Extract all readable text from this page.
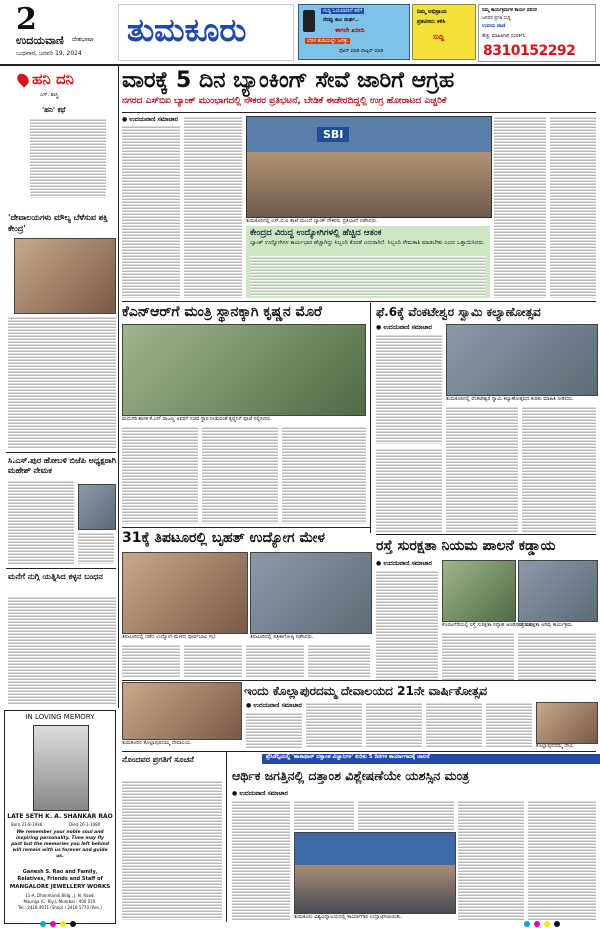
2
ಉದಯವಾಣಿ ದೇಶಭಾಷಾ
ಬುಧವಾರ, ಜನವರಿ 19, 2024
ತುಮಕೂರು	ಸುದ್ದಿ ಓದುವವರಿಗೆ ಕರೆಗೆ
ನೆನಪ್ಪು ಕಾಲ ದೀರ್ಘ..
ಈಗಲೇ ಖರೀದಿ
ಬೆರಳ ತುದಿಯಲ್ಲೇ ಜಗತ್ತು
ಫೋನ್ ಮಾಡಿ ವಾಟ್ಸಪ್ ಮಾಡಿ
ನಿಮ್ಮ ಅಭಿಪ್ರಾಯ
ಪ್ರಕಟಿಸಲು ಕಳಿಸಿ
ಸುದ್ದಿ
ನಿಮ್ಮ ಕಾರ್ಯಕ್ರಮಗಳ ಕಾರ್ಯ ಪರಿಸರ
ಜನಪರ ಪ್ರಗತಿ ಸುದ್ದಿ
ಉದಯ ವಾಣಿ
ಹೆಚ್ಚು ಮಾಹಿತಿಗಾಗಿ ಸಂಪರ್ಕಿಸಿ
8310152292
ಹನಿ ದನಿ
ಎಸ್. ಶಾಸ್ತ್ರಿ
'ಹನಿ' ಕಥೆ
'ದೇವಾಲಯಗಳು ಮೌಲ್ಯ ಬೆಳೆಸುವ ಶಕ್ತಿ ಕೇಂದ್ರ'
ಸಿ.ಎಸ್.ಪುರ ಹೋಬಳಿ ಬಿಜೆಪಿ ಅಧ್ಯಕ್ಷರಾಗಿ ಮಹೇಶ್ ನೇಮಕ
ಮನೆಗೆ ನುಗ್ಗಿ ಯತ್ನಿಸಿದ ಕಳ್ಳನ ಬಂಧನ
IN LOVING MEMORY
LATE SETH K. A. SHANKAR RAO
Born 21-8-1936	Died 20-1-1980
We remember your noble soul and inspiring personality. Time may fly past but the memories you left behind will remain with us forever and guide us.
Ganesh S. Rao and Family,
Relatives, Friends and Staff of
MANGALORE JEWELLERY WORKS
11-A, Dhanmandi Bldg., J. N. Road,
Maunga (C. Rly.), Mumbai - 400 019.
Tel.: 2418 4911 (Shop) / 2418 5770 (Res.)
ವಾರಕ್ಕೆ 5 ದಿನ ಬ್ಯಾಂಕಿಂಗ್ ಸೇವೆ ಜಾರಿಗೆ ಆಗ್ರಹ
ನಗರದ ಎಸ್‌ಬಿಐ ಬ್ಯಾಂಕ್ ಮುಂಭಾಗದಲ್ಲಿ ನೌಕರರ ಪ್ರತಿಭಟನೆ, ಬೇಡಿಕೆ ಈಡೇರದಿದ್ದಲ್ಲಿ ಉಗ್ರ ಹೋರಾಟದ ಎಚ್ಚರಿಕೆ
● ಉದಯವಾಣಿ ಸಮಾಚಾರ
SBI
ತುಮಕೂರಿನಲ್ಲಿ ಎಸ್.ಬಿ.ಐ ಶಾಖೆ ಮುಂದೆ ಬ್ಯಾಂಕ್ ನೌಕರರು ಪ್ರತಿಭಟನೆ ನಡೆಸಿದರು.
ಕೇಂದ್ರದ ವಿರುದ್ಧ ಉದ್ಯೋಗಿಗಳಲ್ಲಿ ಹೆಚ್ಚಿದ ಆತಂಕ
ಬ್ಯಾಂಕ್ ಉದ್ಯೋಗಿಗಳ ಕಾರ್ಯಭಾರ ಹೆಚ್ಚಾಗಿದ್ದು ಸಿಬ್ಬಂದಿ ಕೊರತೆ ಎದುರಾಗಿದೆ. ಸಿಬ್ಬಂದಿ ನೇಮಕಾತಿ ಮಾಡಬೇಕು ಎಂದು ಒತ್ತಾಯಿಸಿದರು.
ಕೆಎನ್‌ಆರ್‌ಗೆ ಮಂತ್ರಿ ಸ್ಥಾನಕ್ಕಾಗಿ ಕೃಷ್ಣನ ಮೊರೆ
ಮಧುಗಿರಿ ಶಾಸಕ ಕೆ.ಎನ್.ರಾಜಣ್ಣ ಅವರಿಗೆ ಸಚಿವ ಸ್ಥಾನ ನೀಡುವಂತೆ ಕೃಷ್ಣನಿಗೆ ಪೂಜೆ ಸಲ್ಲಿಸಿದರು.
ಫೆ.6ಕ್ಕೆ ವೆಂಕಟೇಶ್ವರ ಸ್ವಾಮಿ ಕಲ್ಯಾಣೋತ್ಸವ
● ಉದಯವಾಣಿ ಸಮಾಚಾರ
ತುಮಕೂರಿನಲ್ಲಿ ವೆಂಕಟೇಶ್ವರ ಸ್ವಾಮಿ ಕಲ್ಯಾಣೋತ್ಸವದ ಕುರಿತು ಮಾಹಿತಿ ನೀಡಿದರು.
31ಕ್ಕೆ ತಿಪಟೂರಲ್ಲಿ ಬೃಹತ್ ಉದ್ಯೋಗ ಮೇಳ
ತಿಪಟೂರಿನಲ್ಲಿ ನಡೆದ ಉದ್ಯೋಗ ಮೇಳದ ಪೂರ್ವಭಾವಿ ಸಭೆ.	ತಿಪಟೂರಿನಲ್ಲಿ ಪತ್ರಿಕಾಗೋಷ್ಠಿ ನಡೆಸಿದರು.
ರಸ್ತೆ ಸುರಕ್ಷತಾ ನಿಯಮ ಪಾಲನೆ ಕಡ್ಡಾಯ
● ಉದಯವಾಣಿ ಸಮಾಚಾರ
ಕೊರಟಗೆರೆಯಲ್ಲಿ ರಸ್ತೆ ಸುರಕ್ಷತಾ ಸಪ್ತಾಹ ಆಚರಿಸಲಾಯಿತು.
ರಸ್ತೆ ಸುರಕ್ಷತಾ ಅರಿವು ಕಾರ್ಯಕ್ರಮ.
ಇಂದು ಕೊಲ್ಲಾಪುರದಮ್ಮ ದೇವಾಲಯದ 21ನೇ ವಾರ್ಷಿಕೋತ್ಸವ
ತುಮಕೂರಿನ ಕೊಲ್ಲಾಪುರದಮ್ಮ ದೇವಾಲಯ.
● ಉದಯವಾಣಿ ಸಮಾಚಾರ
ಕೊಲ್ಲಾಪುರದಮ್ಮ ದೇವಿ.
ನೊಂದವರ ಪ್ರಗತಿಗೆ ಸೂಚನೆ	ಪ್ರೆಸಿಡೆನ್ಸಿಯಲ್ಲಿ 'ಹಾಕಾಥಾನ್ ದತ್ತಾಂಶ ವಿಜ್ಞಾನಿಗಳ' ಕುರಿತು 5 ದಿನಗಳ ಕಾರ್ಯಾಗಾರಕ್ಕೆ ಚಾಲನೆ
ಆರ್ಥಿಕ ಜಗತ್ತಿನಲ್ಲಿ ದತ್ತಾಂಶ ವಿಶ್ಲೇಷಣೆಯೇ ಯಶಸ್ಸಿನ ಮಂತ್ರ
● ಉದಯವಾಣಿ ಸಮಾಚಾರ
ತುಮಕೂರು ವಿಶ್ವವಿದ್ಯಾಲಯದಲ್ಲಿ ಕಾರ್ಯಾಗಾರ ಉದ್ಘಾಟಿಸಲಾಯಿತು.
